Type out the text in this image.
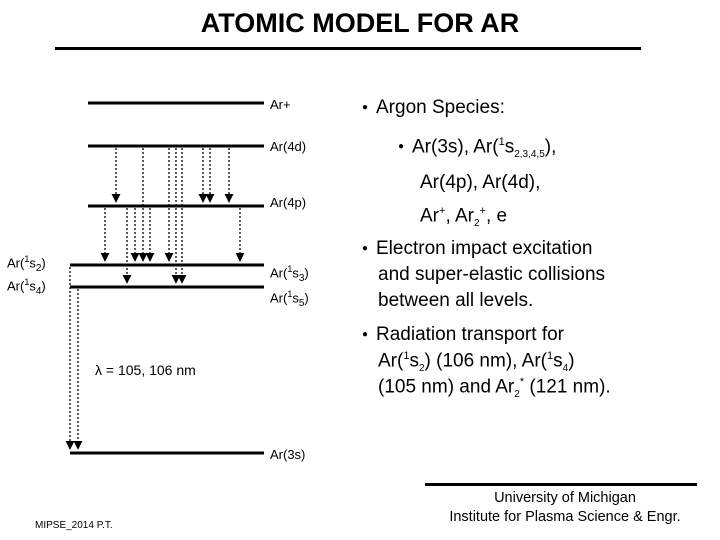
ATOMIC MODEL FOR AR
Ar+
Ar(4d)
Ar(4p)
$Ar(^1s_3)$
$Ar(^1s_5)$
$Ar(^1s_2)$
$Ar(^1s_4)$
Ar(3s)
λ = 105, 106 nm
● Argon Species:
● Ar(3s), $Ar(^1s_{2,3,4,5})$,
Ar(4p), Ar(4d),
Ar+, $Ar_2^+$, e
● Electron impact excitation
and super-elastic collisions
between all levels.
● Radiation transport for
$Ar(^1s_2)$ (106 nm), $Ar(^1s_4)$
(105 nm) and $Ar_2^*$ (121 nm).
University of Michigan
Institute for Plasma Science & Engr.
MIPSE_2014 P.T.
